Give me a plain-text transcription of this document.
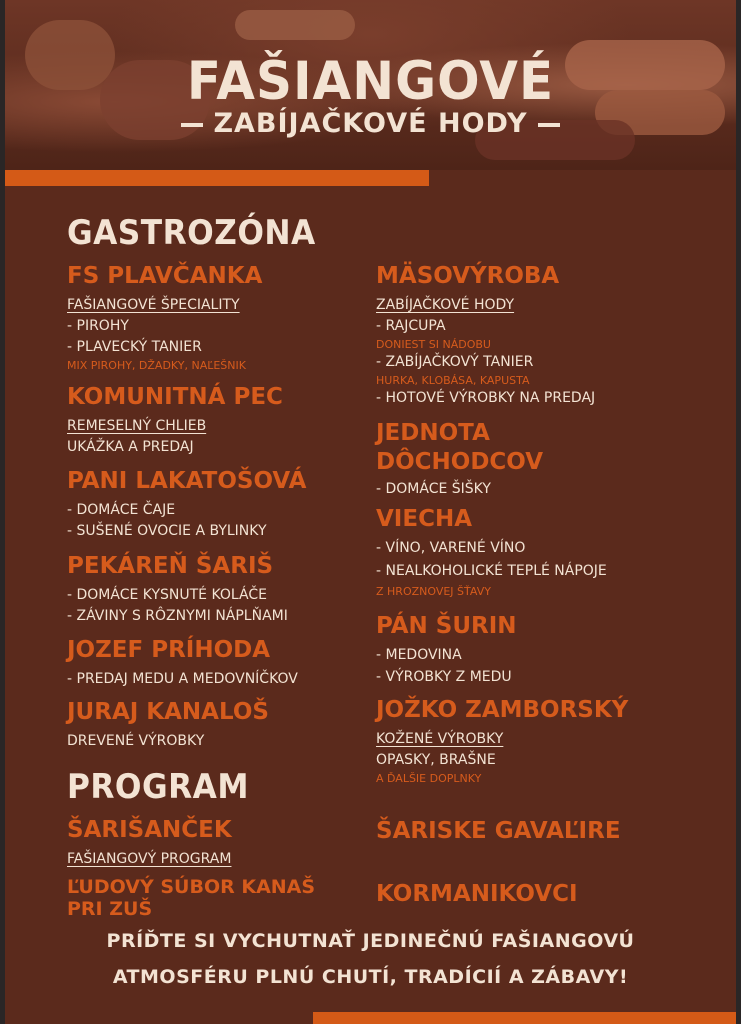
FAŠIANGOVÉ
ZABÍJAČKOVÉ HODY
GASTROZÓNA
FS PLAVČANKA
FAŠIANGOVÉ ŠPECIALITY
- PIROHY
- PLAVECKÝ TANIER
MIX PIROHY, DŽADKY, NAĽEŠNIK
KOMUNITNÁ PEC
REMESELNÝ CHLIEB
UKÁŽKA A PREDAJ
PANI LAKATOŠOVÁ
- DOMÁCE ČAJE
- SUŠENÉ OVOCIE A BYLINKY
PEKÁREŇ ŠARIŠ
- DOMÁCE KYSNUTÉ KOLÁČE
- ZÁVINY S RÔZNYMI NÁPLŇAMI
JOZEF PRÍHODA
- PREDAJ MEDU A MEDOVNÍČKOV
JURAJ KANALOŠ
DREVENÉ VÝROBKY
MÄSOVÝROBA
ZABÍJAČKOVÉ HODY
- RAJCUPA
DONIEST SI NÁDOBU
- ZABÍJAČKOVÝ TANIER
HURKA, KLOBÁSA, KAPUSTA
- HOTOVÉ VÝROBKY NA PREDAJ
JEDNOTA
DÔCHODCOV
- DOMÁCE ŠIŠKY
VIECHA
- VÍNO, VARENÉ VÍNO
- NEALKOHOLICKÉ TEPLÉ NÁPOJE
Z HROZNOVEJ ŠŤAVY
PÁN ŠURIN
- MEDOVINA
- VÝROBKY Z MEDU
JOŽKO ZAMBORSKÝ
KOŽENÉ VÝROBKY
OPASKY, BRAŠNE
A ĎALŠIE DOPLNKY
PROGRAM
ŠARIŠANČEK
FAŠIANGOVÝ PROGRAM
ĽUDOVÝ SÚBOR KANAŠ
PRI ZUŠ
ŠARISKE GAVAĽIRE
KORMANIKOVCI
PRÍĎTE SI VYCHUTNAŤ JEDINEČNÚ FAŠIANGOVÚ
ATMOSFÉRU PLNÚ CHUTÍ, TRADÍCIÍ A ZÁBAVY!
